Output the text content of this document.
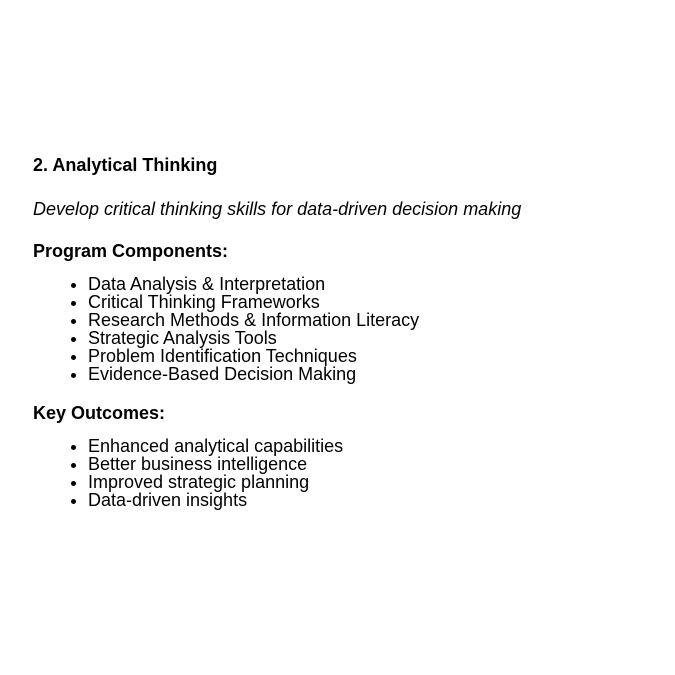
2. Analytical Thinking

Develop critical thinking skills for data-driven decision making

Program Components:
• Data Analysis & Interpretation
• Critical Thinking Frameworks
• Research Methods & Information Literacy
• Strategic Analysis Tools
• Problem Identification Techniques
• Evidence-Based Decision Making
Key Outcomes:
• Enhanced analytical capabilities
• Better business intelligence
• Improved strategic planning
• Data-driven insights
